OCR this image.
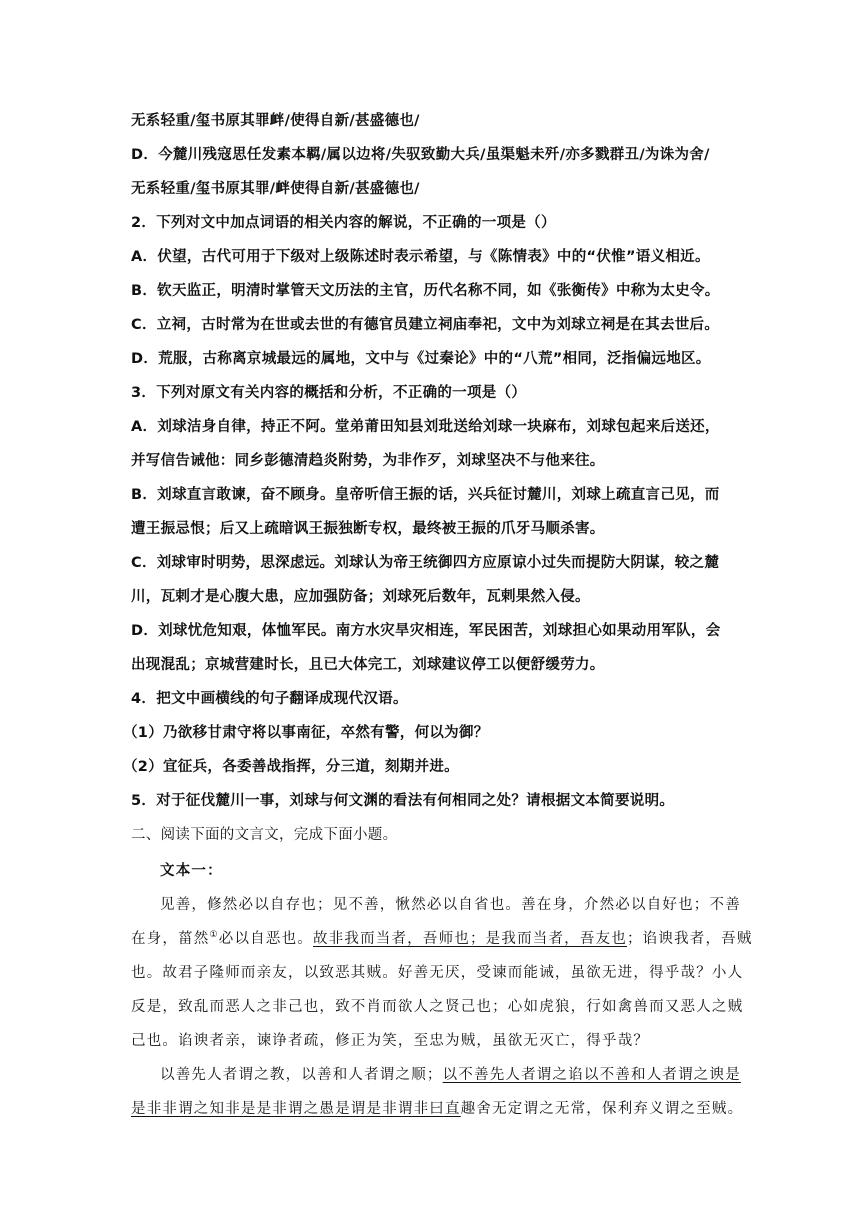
无系轻重/玺书原其罪衅/使得自新/甚盛德也/
D．今麓川残寇思任发素本羁/属以边将/失驭致勤大兵/虽渠魁未歼/亦多戮群丑/为诛为舍/
无系轻重/玺书原其罪/衅使得自新/甚盛德也/
2．下列对文中加点词语的相关内容的解说，不正确的一项是（）
A．伏望，古代可用于下级对上级陈述时表示希望，与《陈情表》中的“伏惟”语义相近。
B．钦天监正，明清时掌管天文历法的主官，历代名称不同，如《张衡传》中称为太史令。
C．立祠，古时常为在世或去世的有德官员建立祠庙奉祀，文中为刘球立祠是在其去世后。
D．荒服，古称离京城最远的属地，文中与《过秦论》中的“八荒”相同，泛指偏远地区。
3．下列对原文有关内容的概括和分析，不正确的一项是（）
A．刘球洁身自律，持正不阿。堂弟莆田知县刘玭送给刘球一块麻布，刘球包起来后送还，
并写信告诫他：同乡彭德清趋炎附势，为非作歹，刘球坚决不与他来往。
B．刘球直言敢谏，奋不顾身。皇帝听信王振的话，兴兵征讨麓川，刘球上疏直言己见，而
遭王振忌恨；后又上疏暗讽王振独断专权，最终被王振的爪牙马顺杀害。
C．刘球审时明势，思深虑远。刘球认为帝王统御四方应原谅小过失而提防大阴谋，较之麓
川，瓦剌才是心腹大患，应加强防备；刘球死后数年，瓦剌果然入侵。
D．刘球忧危知艰，体恤军民。南方水灾旱灾相连，军民困苦，刘球担心如果动用军队，会
出现混乱；京城营建时长，且已大体完工，刘球建议停工以便舒缓劳力。
4．把文中画横线的句子翻译成现代汉语。
（1）乃欲移甘肃守将以事南征，卒然有警，何以为御？
（2）宜征兵，各委善战指挥，分三道，刻期并进。
5．对于征伐麓川一事，刘球与何文渊的看法有何相同之处？请根据文本简要说明。
二、阅读下面的文言文，完成下面小题。
文本一：
见善，修然必以自存也；见不善，愀然必以自省也。善在身，介然必以自好也；不善
在身，菑然①必以自恶也。故非我而当者，吾师也；是我而当者，吾友也；谄谀我者，吾贼
也。故君子隆师而亲友，以致恶其贼。好善无厌，受谏而能诫，虽欲无进，得乎哉？小人
反是，致乱而恶人之非己也，致不肖而欲人之贤己也；心如虎狼，行如禽兽而又恶人之贼
己也。谄谀者亲，谏诤者疏，修正为笑，至忠为贼，虽欲无灭亡，得乎哉？
以善先人者谓之教，以善和人者谓之顺；以不善先人者谓之谄以不善和人者谓之谀是
是非非谓之知非是是非谓之愚是谓是非谓非曰直趣舍无定谓之无常，保利弃义谓之至贼。
